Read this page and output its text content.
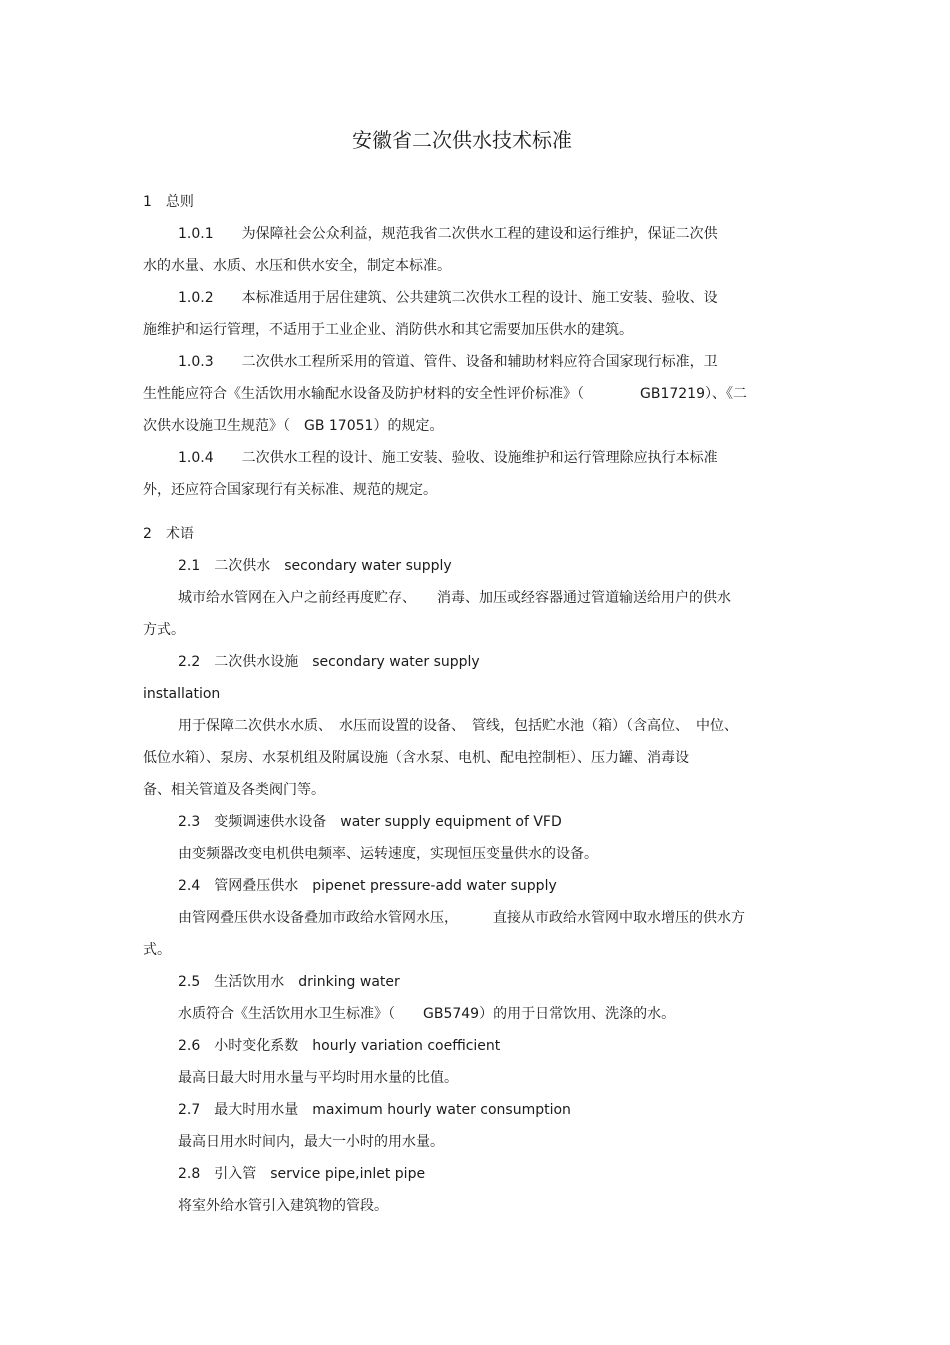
安徽省二次供水技术标准
1　总则
1.0.1　　为保障社会公众利益，规范我省二次供水工程的建设和运行维护，保证二次供
水的水量、水质、水压和供水安全，制定本标准。
1.0.2　　本标准适用于居住建筑、公共建筑二次供水工程的设计、施工安装、验收、设
施维护和运行管理，不适用于工业企业、消防供水和其它需要加压供水的建筑。
1.0.3　　二次供水工程所采用的管道、管件、设备和辅助材料应符合国家现行标准，卫
生性能应符合《生活饮用水输配水设备及防护材料的安全性评价标准》（　　　　GB17219）、《二
次供水设施卫生规范》（　GB 17051）的规定。
1.0.4　　二次供水工程的设计、施工安装、验收、设施维护和运行管理除应执行本标准
外，还应符合国家现行有关标准、规范的规定。
2　术语
2.1　二次供水　secondary water supply
城市给水管网在入户之前经再度贮存、　　消毒、加压或经容器通过管道输送给用户的供水
方式。
2.2　二次供水设施　secondary water supply
installation
用于保障二次供水水质、　水压而设置的设备、　管线，包括贮水池（箱）（含高位、　中位、
低位水箱）、泵房、水泵机组及附属设施（含水泵、电机、配电控制柜）、压力罐、消毒设
备、相关管道及各类阀门等。
2.3　变频调速供水设备　water supply equipment of VFD
由变频器改变电机供电频率、运转速度，实现恒压变量供水的设备。
2.4　管网叠压供水　pipenet pressure-add water supply
由管网叠压供水设备叠加市政给水管网水压，　　　直接从市政给水管网中取水增压的供水方
式。
2.5　生活饮用水　drinking water
水质符合《生活饮用水卫生标准》（　　GB5749）的用于日常饮用、洗涤的水。
2.6　小时变化系数　hourly variation coefficient
最高日最大时用水量与平均时用水量的比值。
2.7　最大时用水量　maximum hourly water consumption
最高日用水时间内，最大一小时的用水量。
2.8　引入管　service pipe,inlet pipe
将室外给水管引入建筑物的管段。
